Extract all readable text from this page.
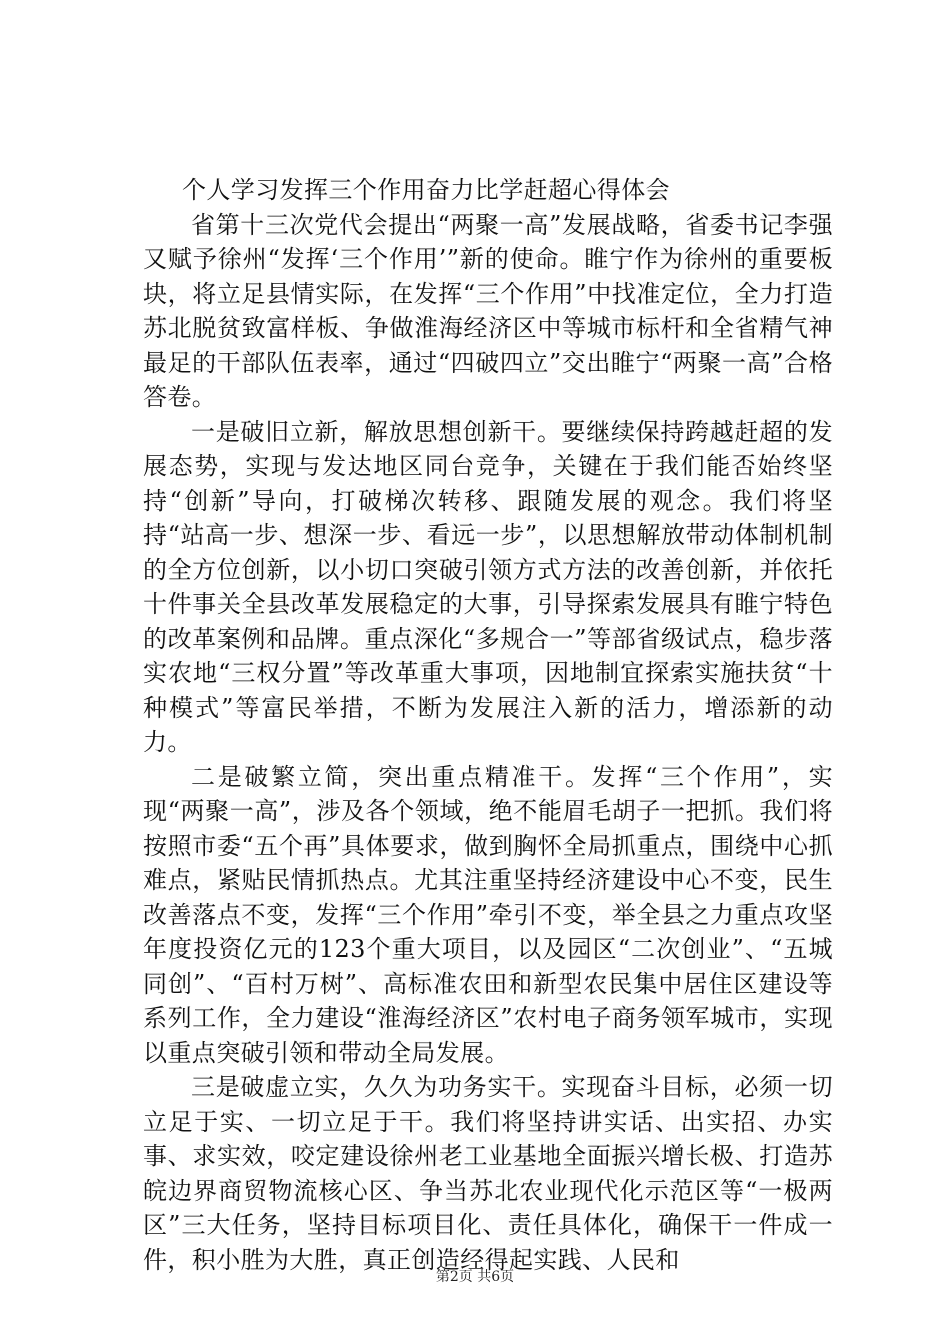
个人学习发挥三个作用奋力比学赶超心得体会

省第十三次党代会提出“两聚一高”发展战略，省委书记李强又赋予徐州“发挥‘三个作用’”新的使命。睢宁作为徐州的重要板块，将立足县情实际，在发挥“三个作用”中找准定位，全力打造苏北脱贫致富样板、争做淮海经济区中等城市标杆和全省精气神最足的干部队伍表率，通过“四破四立”交出睢宁“两聚一高”合格答卷。

一是破旧立新，解放思想创新干。要继续保持跨越赶超的发展态势，实现与发达地区同台竞争，关键在于我们能否始终坚持“创新”导向，打破梯次转移、跟随发展的观念。我们将坚持“站高一步、想深一步、看远一步”，以思想解放带动体制机制的全方位创新，以小切口突破引领方式方法的改善创新，并依托十件事关全县改革发展稳定的大事，引导探索发展具有睢宁特色的改革案例和品牌。重点深化“多规合一”等部省级试点，稳步落实农地“三权分置”等改革重大事项，因地制宜探索实施扶贫“十种模式”等富民举措，不断为发展注入新的活力，增添新的动力。

二是破繁立简，突出重点精准干。发挥“三个作用”，实现“两聚一高”，涉及各个领域，绝不能眉毛胡子一把抓。我们将按照市委“五个再”具体要求，做到胸怀全局抓重点，围绕中心抓难点，紧贴民情抓热点。尤其注重坚持经济建设中心不变，民生改善落点不变，发挥“三个作用”牵引不变，举全县之力重点攻坚年度投资亿元的123个重大项目，以及园区“二次创业”、“五城同创”、“百村万树”、高标准农田和新型农民集中居住区建设等系列工作，全力建设“淮海经济区”农村电子商务领军城市，实现以重点突破引领和带动全局发展。

三是破虚立实，久久为功务实干。实现奋斗目标，必须一切立足于实、一切立足于干。我们将坚持讲实话、出实招、办实事、求实效，咬定建设徐州老工业基地全面振兴增长极、打造苏皖边界商贸物流核心区、争当苏北农业现代化示范区等“一极两区”三大任务，坚持目标项目化、责任具体化，确保干一件成一件，积小胜为大胜，真正创造经得起实践、人民和

第2页 共6页
